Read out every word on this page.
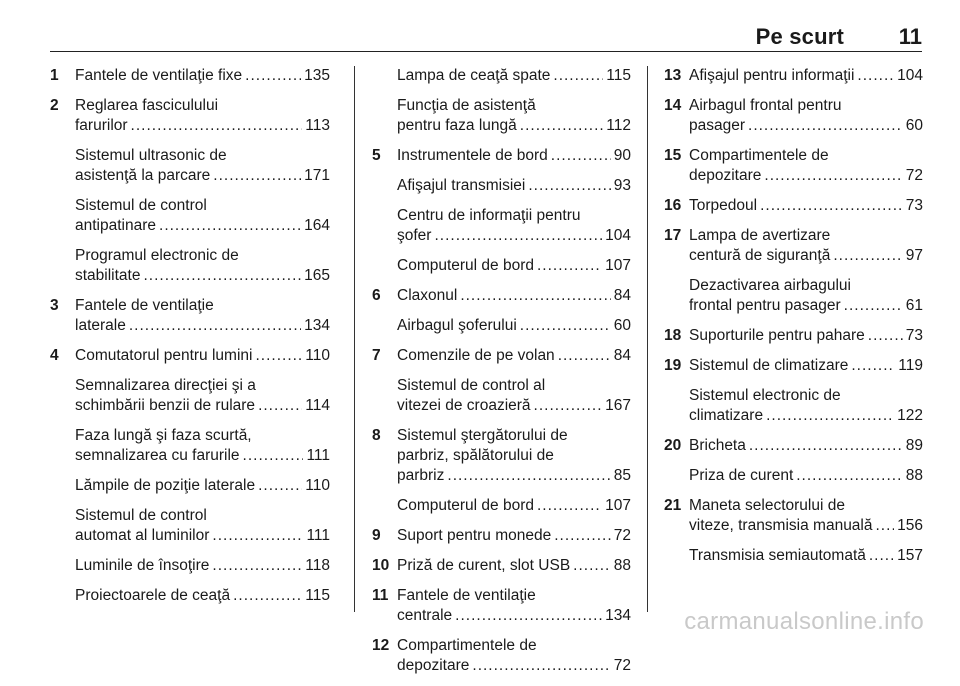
Pe scurt 11
1 Fantele de ventilaţie fixe .....	135
2 Reglarea fasciculului
farurilor .....	113
Sistemul ultrasonic de
asistenţă la parcare .....	171
Sistemul de control
antipatinare .....	164
Programul electronic de
stabilitate .....	165
3 Fantele de ventilaţie
laterale .....	134
4 Comutatorul pentru lumini .....	110
Semnalizarea direcţiei şi a
schimbării benzii de rulare .....	114
Faza lungă şi faza scurtă,
semnalizarea cu farurile .....	111
Lămpile de poziţie laterale .....	110
Sistemul de control
automat al luminilor .....	111
Luminile de însoţire .....	118
Proiectoarele de ceaţă .....	115
Lampa de ceaţă spate .....	115
Funcţia de asistenţă
pentru faza lungă .....	112
5 Instrumentele de bord .....	90
Afişajul transmisiei .....	93
Centru de informaţii pentru
şofer .....	104
Computerul de bord .....	107
6 Claxonul .....	84
Airbagul şoferului .....	60
7 Comenzile de pe volan .....	84
Sistemul de control al
vitezei de croazieră .....	167
8 Sistemul ştergătorului de
parbriz, spălătorului de
parbriz .....	85
Computerul de bord .....	107
9 Suport pentru monede .....	72
10 Priză de curent, slot USB .....	88
11 Fantele de ventilaţie
centrale .....	134
12 Compartimentele de
depozitare .....	72
13 Afişajul pentru informaţii .....	104
14 Airbagul frontal pentru
pasager .....	60
15 Compartimentele de
depozitare .....	72
16 Torpedoul .....	73
17 Lampa de avertizare
centură de siguranţă .....	97
Dezactivarea airbagului
frontal pentru pasager .....	61
18 Suporturile pentru pahare .....	73
19 Sistemul de climatizare .....	119
Sistemul electronic de
climatizare .....	122
20 Bricheta .....	89
Priza de curent .....	88
21 Maneta selectorului de
viteze, transmisia manuală ..... 156
Transmisia semiautomată ..... 157
carmanualsonline.info
